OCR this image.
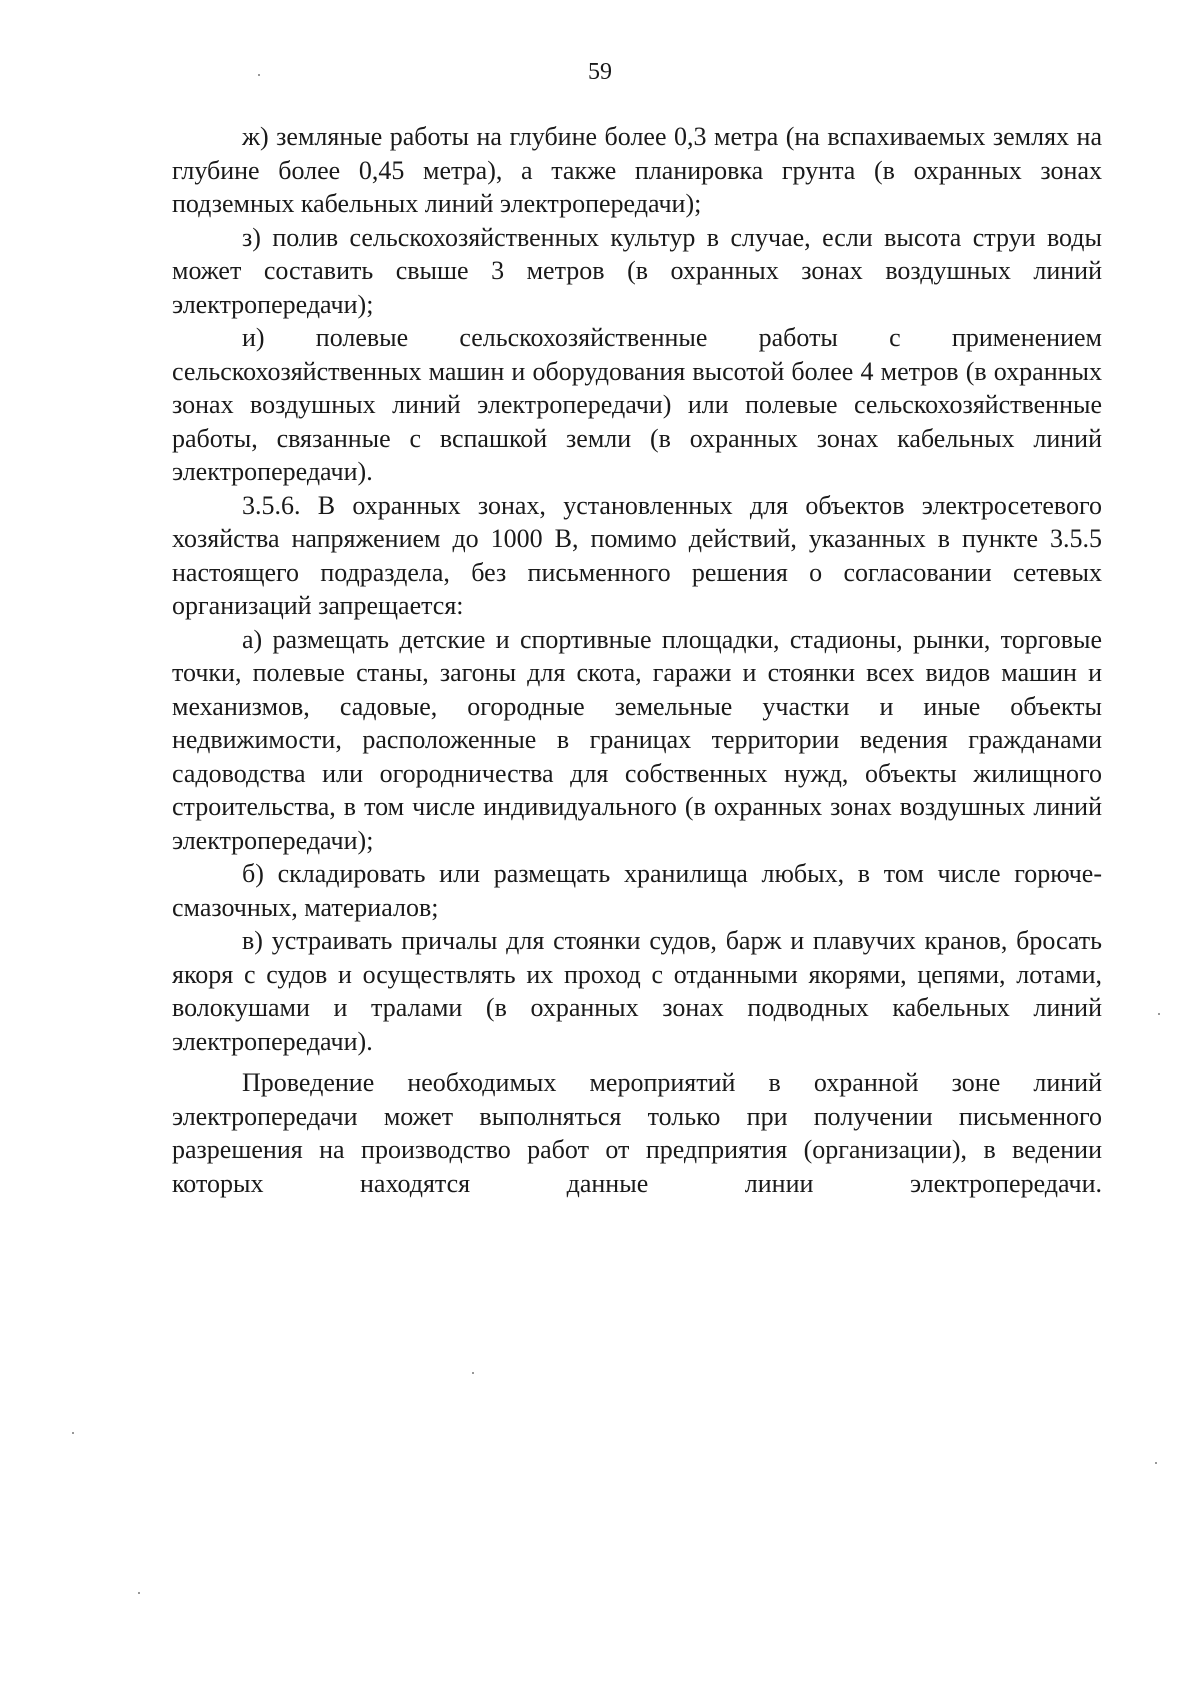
59

ж) земляные работы на глубине более 0,3 метра (на вспахиваемых землях на глубине более 0,45 метра), а также планировка грунта (в охранных зонах подземных кабельных линий электропередачи);

з) полив сельскохозяйственных культур в случае, если высота струи воды может составить свыше 3 метров (в охранных зонах воздушных линий электропередачи);

и) полевые сельскохозяйственные работы с применением сельскохозяйственных машин и оборудования высотой более 4 метров (в охранных зонах воздушных линий электропередачи) или полевые сельскохозяйственные работы, связанные с вспашкой земли (в охранных зонах кабельных линий электропередачи).

3.5.6. В охранных зонах, установленных для объектов электросетевого хозяйства напряжением до 1000 В, помимо действий, указанных в пункте 3.5.5 настоящего подраздела, без письменного решения о согласовании сетевых организаций запрещается:

а) размещать детские и спортивные площадки, стадионы, рынки, торговые точки, полевые станы, загоны для скота, гаражи и стоянки всех видов машин и механизмов, садовые, огородные земельные участки и иные объекты недвижимости, расположенные в границах территории ведения гражданами садоводства или огородничества для собственных нужд, объекты жилищного строительства, в том числе индивидуального (в охранных зонах воздушных линий электропередачи);

б) складировать или размещать хранилища любых, в том числе горюче-смазочных, материалов;

в) устраивать причалы для стоянки судов, барж и плавучих кранов, бросать якоря с судов и осуществлять их проход с отданными якорями, цепями, лотами, волокушами и тралами (в охранных зонах подводных кабельных линий электропередачи).

Проведение необходимых мероприятий в охранной зоне линий электропередачи может выполняться только при получении письменного разрешения на производство работ от предприятия (организации), в ведении которых находятся данные линии электропередачи.
